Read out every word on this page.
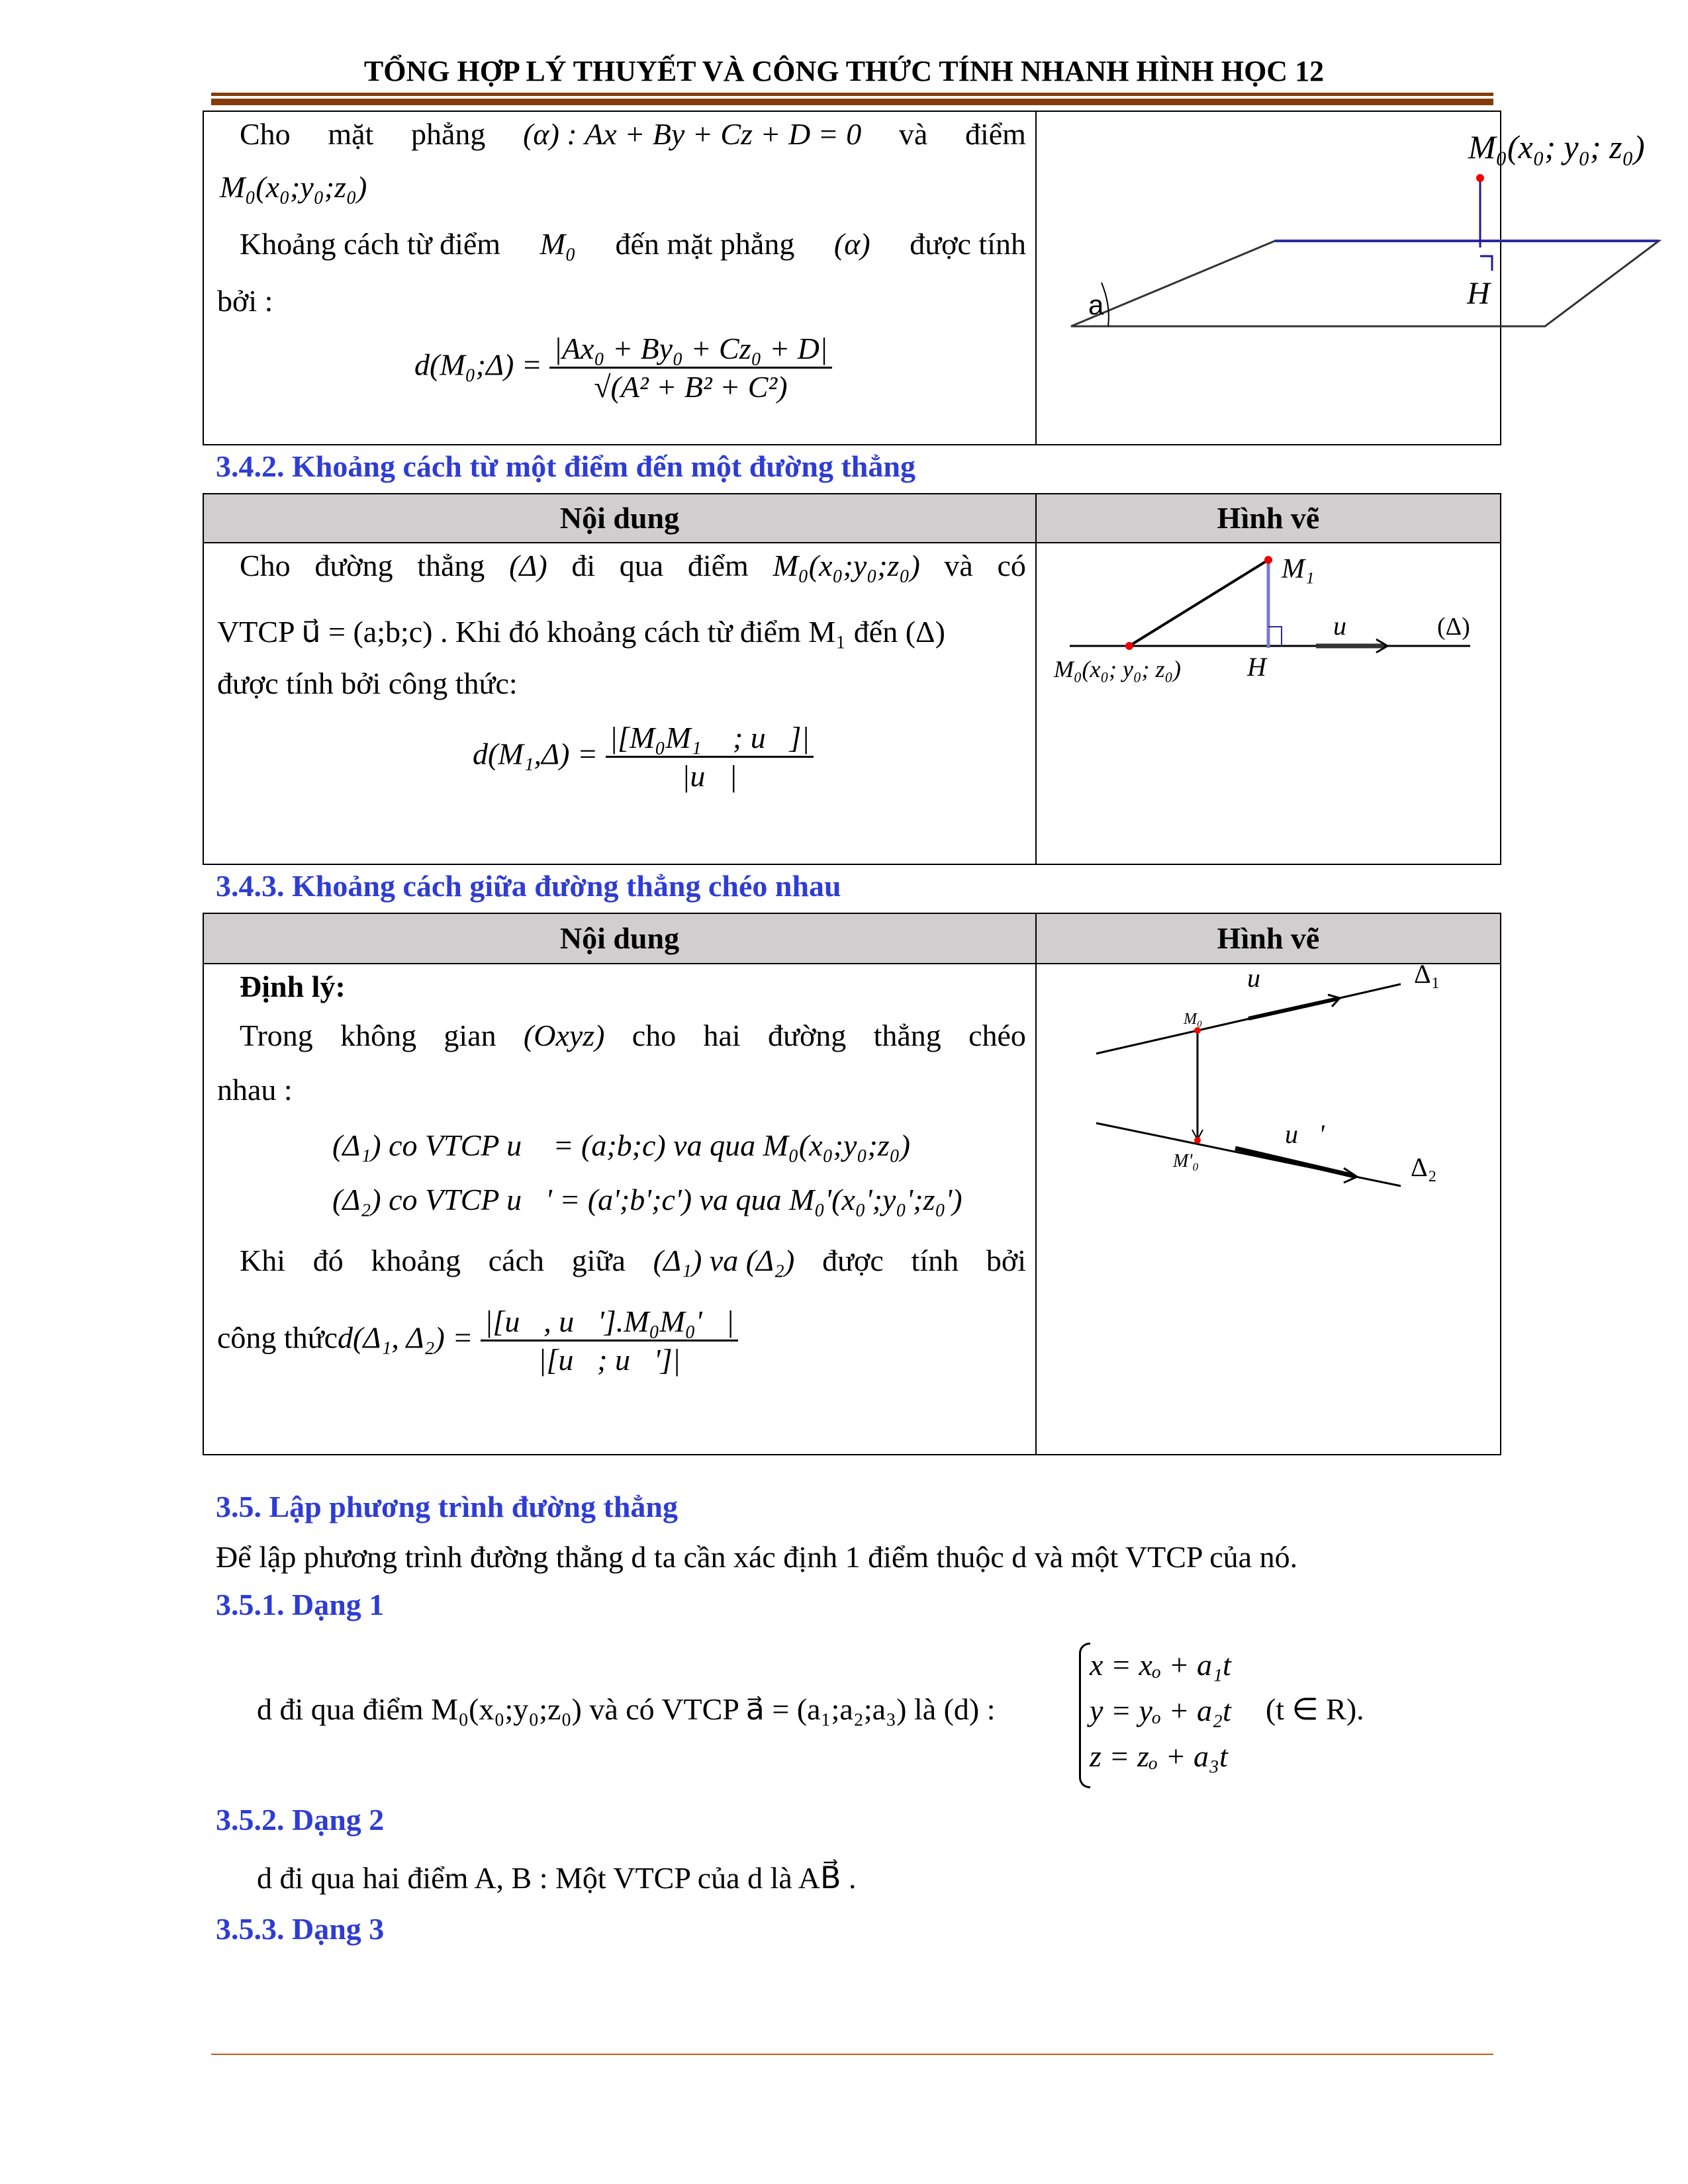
TỔNG HỢP LÝ THUYẾT VÀ CÔNG THỨC TÍNH NHANH HÌNH HỌC 12
Cho mặt phẳng (α) : Ax + By + Cz + D = 0 và điểm
M₀(x₀;y₀;z₀)
Khoảng cách từ điểm M₀ đến mặt phẳng (α) được tính
bởi :
d(M₀;Δ) = $\frac{\text{|Ax₀ + By₀ + Cz₀ + D|}}{\text{√(A² + B² + C²)}}$
H
a
M₀(x₀; y₀; z₀)
3.4.2. Khoảng cách từ một điểm đến một đường thẳng
Nội dung	Hình vẽ
Cho đường thẳng (Δ) đi qua điểm M₀(x₀;y₀;z₀) và có
VTCP u⃗ = (a;b;c) . Khi đó khoảng cách từ điểm M₁ đến (Δ)
được tính bởi công thức:
$d(M_1,\Delta) = \frac{\text{|[M₀M₁⃗ ; u⃗]|}}{|u⃗|}$
M₁
M₀(x₀; y₀; z₀)	H
u⃗	(Δ)
3.4.3. Khoảng cách giữa đường thẳng chéo nhau
Nội dung	Hình vẽ
Định lý:
Trong không gian (Oxyz) cho hai đường thẳng chéo
nhau :
(Δ₁) co VTCP u⃗ = (a;b;c) va qua M₀(x₀;y₀;z₀)
(Δ₂) co VTCP u⃗' = (a';b';c') va qua M₀'(x₀';y₀';z₀')
Khi đó khoảng cách giữa (Δ₁) va (Δ₂) được tính bởi
công thứcd(Δ₁, $\Delta_2) = \frac{\text{|[u⃗, u⃗'].M₀M₀'⃗|}}{|[u⃗; u⃗']|}$
u⃗	Δ₁
u⃗'
Δ₂
M₀
M'₀
3.5. Lập phương trình đường thẳng
Để lập phương trình đường thẳng d ta cần xác định 1 điểm thuộc d và một VTCP của nó.
3.5.1. Dạng 1
d đi qua điểm M₀(x₀;y₀;z₀) và có VTCP a⃗ = (a₁;a₂;a₃) là (d) :
x = xₒ + a₁t
y = yₒ + a₂t
z = zₒ + a₃t
(t ∈ R).
3.5.2. Dạng 2
d đi qua hai điểm A, B : Một VTCP của d là AB⃗ .
3.5.3. Dạng 3
